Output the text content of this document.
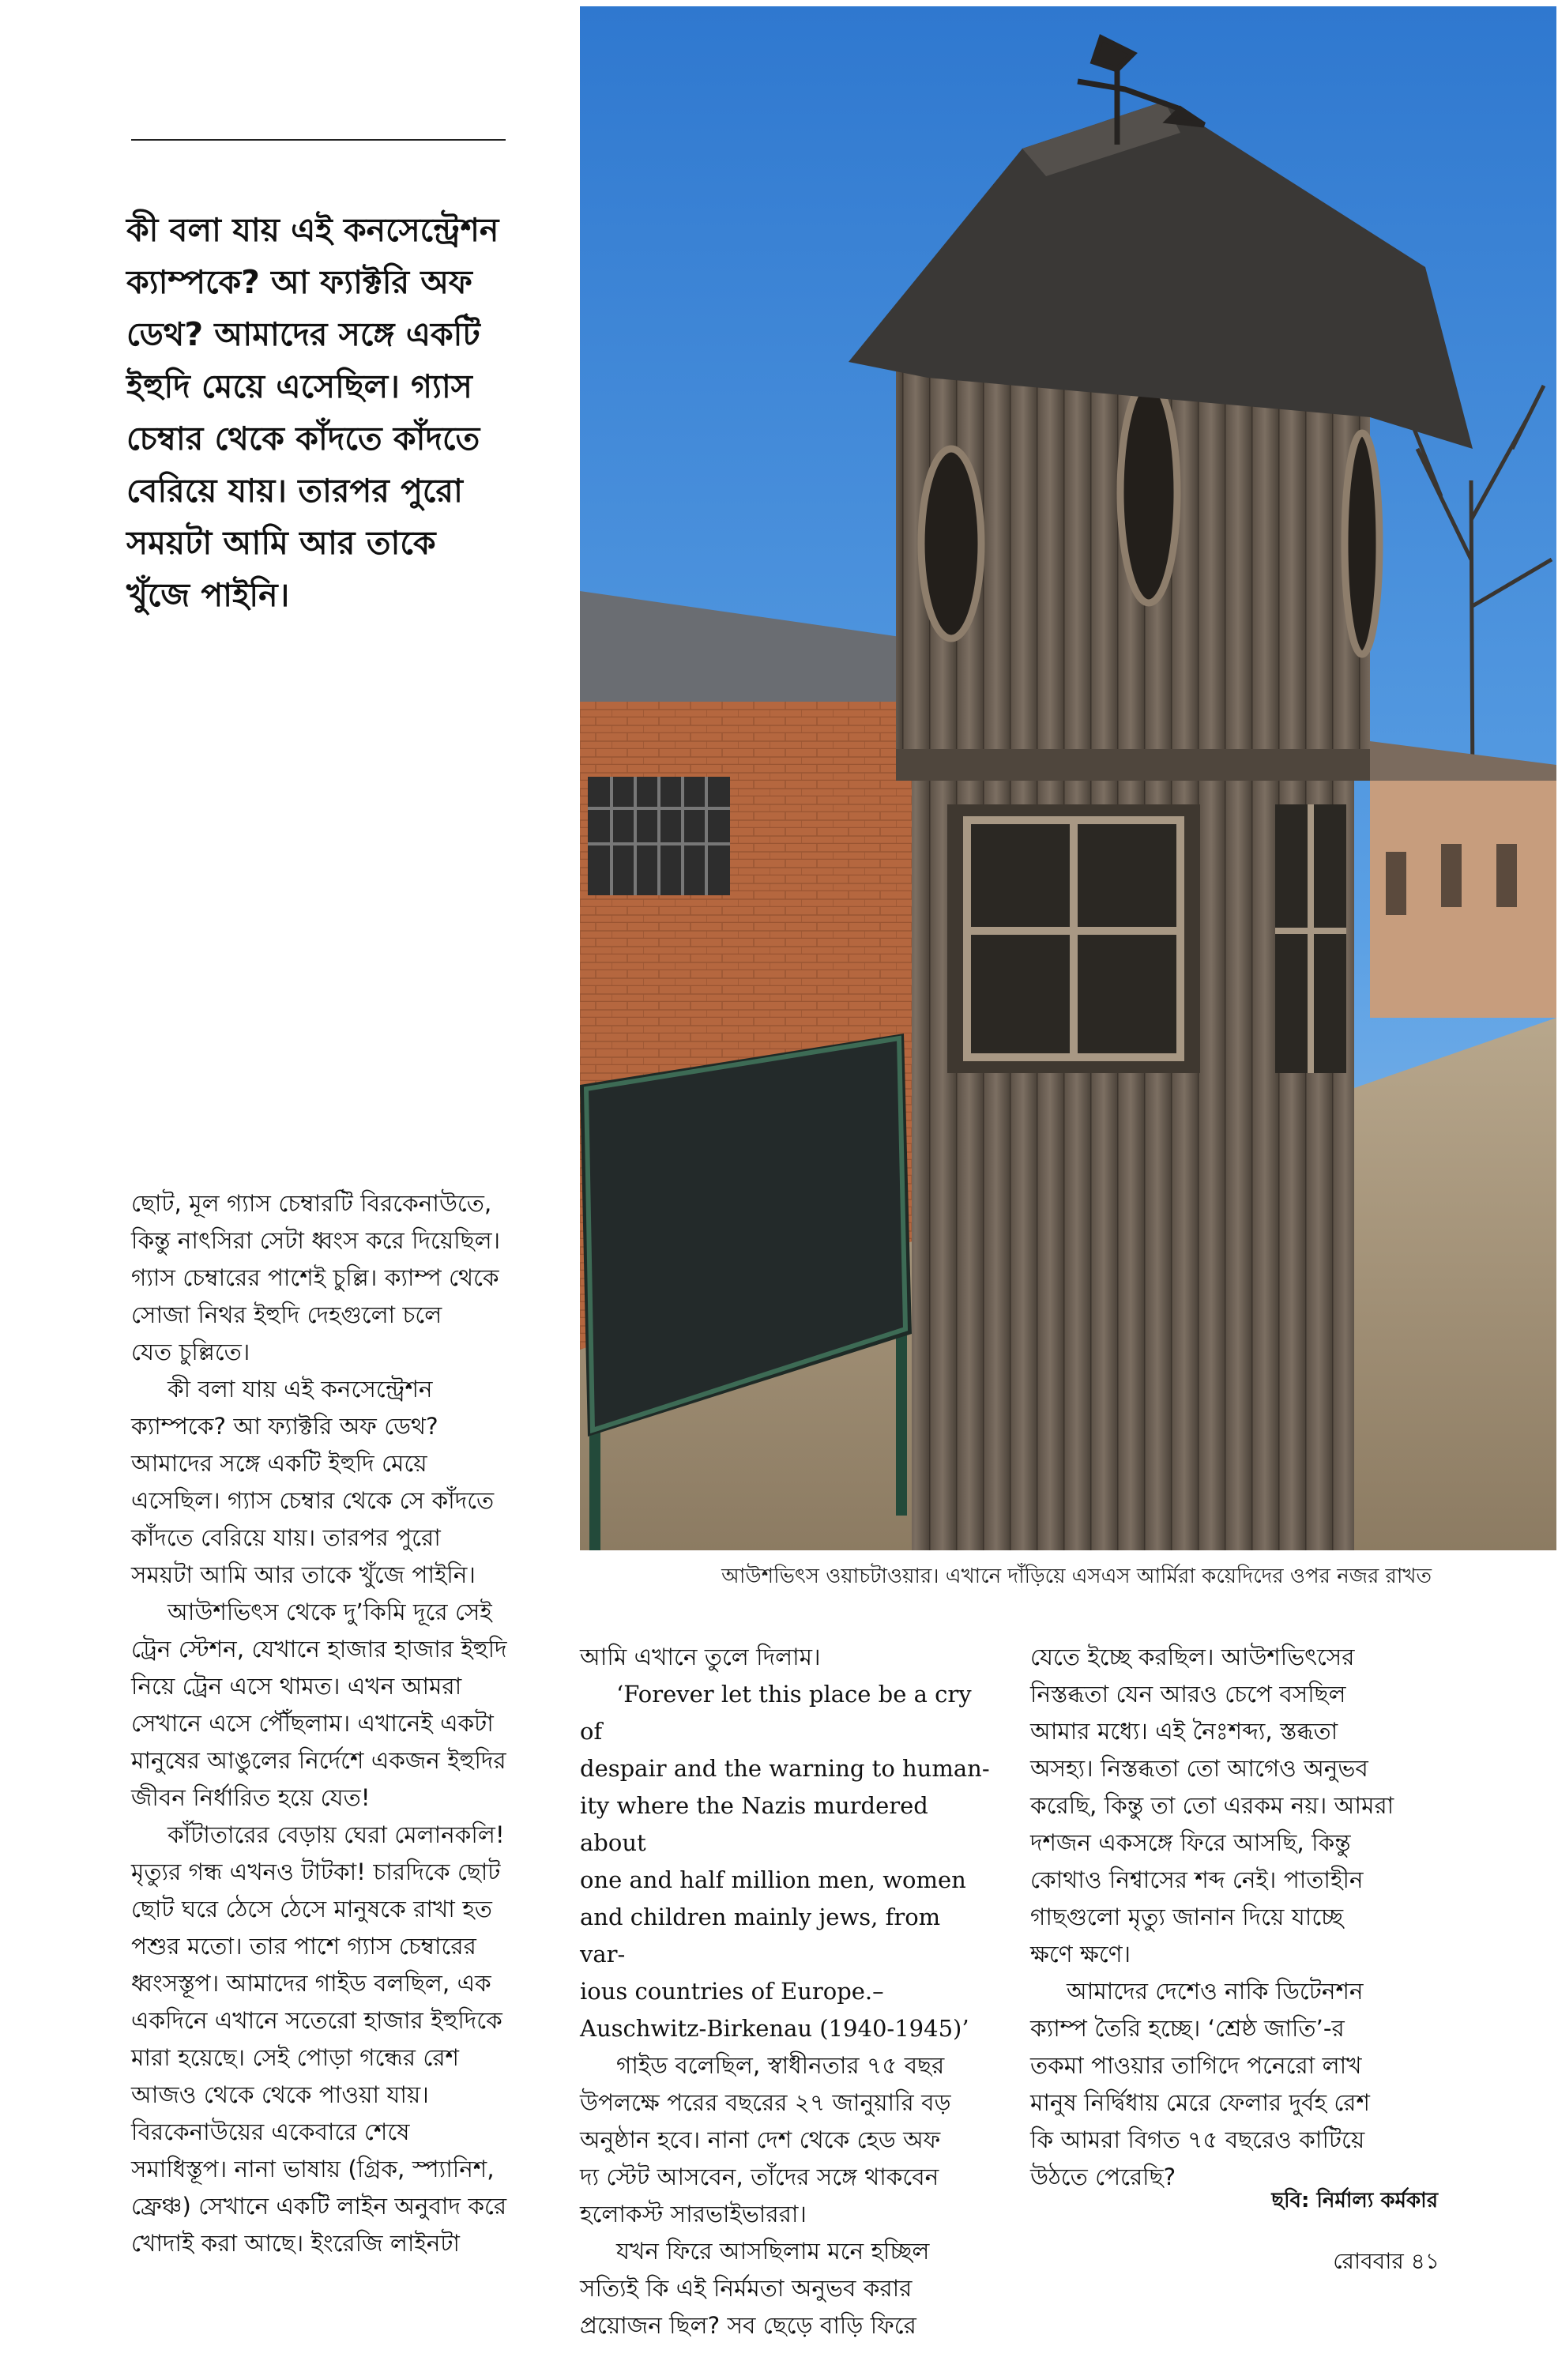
কী বলা যায় এই কনসেন্ট্রেশন
ক্যাম্পকে? আ ফ্যাক্টরি অফ
ডেথ? আমাদের সঙ্গে একটি
ইহুদি মেয়ে এসেছিল। গ্যাস
চেম্বার থেকে কাঁদতে কাঁদতে
বেরিয়ে যায়। তারপর পুরো
সময়টা আমি আর তাকে
খুঁজে পাইনি।
আউশভিৎস ওয়াচটাওয়ার। এখানে দাঁড়িয়ে এসএস আর্মিরা কয়েদিদের ওপর নজর রাখত

ছোট, মূল গ্যাস চেম্বারটি বিরকেনাউতে,
কিন্তু নাৎসিরা সেটা ধ্বংস করে দিয়েছিল।
গ্যাস চেম্বারের পাশেই চুল্লি। ক্যাম্প থেকে
সোজা নিথর ইহুদি দেহগুলো চলে
যেত চুল্লিতে।

কী বলা যায় এই কনসেন্ট্রেশন
ক্যাম্পকে? আ ফ্যাক্টরি অফ ডেথ?
আমাদের সঙ্গে একটি ইহুদি মেয়ে
এসেছিল। গ্যাস চেম্বার থেকে সে কাঁদতে
কাঁদতে বেরিয়ে যায়। তারপর পুরো
সময়টা আমি আর তাকে খুঁজে পাইনি।

আউশভিৎস থেকে দু’কিমি দূরে সেই
ট্রেন স্টেশন, যেখানে হাজার হাজার ইহুদি
নিয়ে ট্রেন এসে থামত। এখন আমরা
সেখানে এসে পৌঁছলাম। এখানেই একটা
মানুষের আঙুলের নির্দেশে একজন ইহুদির
জীবন নির্ধারিত হয়ে যেত!

কাঁটাতারের বেড়ায় ঘেরা মেলানকলি!
মৃত্যুর গন্ধ এখনও টাটকা! চারদিকে ছোট
ছোট ঘরে ঠেসে ঠেসে মানুষকে রাখা হত
পশুর মতো। তার পাশে গ্যাস চেম্বারের
ধ্বংসস্তূপ। আমাদের গাইড বলছিল, এক
একদিনে এখানে সতেরো হাজার ইহুদিকে
মারা হয়েছে। সেই পোড়া গন্ধের রেশ
আজও থেকে থেকে পাওয়া যায়।
বিরকেনাউয়ের একেবারে শেষে
সমাধিস্তূপ। নানা ভাষায় (গ্রিক, স্প্যানিশ,
ফ্রেঞ্চ) সেখানে একটি লাইন অনুবাদ করে
খোদাই করা আছে। ইংরেজি লাইনটা

আমি এখানে তুলে দিলাম।

‘Forever let this place be a cry of
despair and the warning to human-
ity where the Nazis murdered about
one and half million men, women
and children mainly jews, from var-
ious countries of Europe.–
Auschwitz-Birkenau (1940-1945)’

গাইড বলেছিল, স্বাধীনতার ৭৫ বছর
উপলক্ষে পরের বছরের ২৭ জানুয়ারি বড়
অনুষ্ঠান হবে। নানা দেশ থেকে হেড অফ
দ্য স্টেট আসবেন, তাঁদের সঙ্গে থাকবেন
হলোকস্ট সারভাইভাররা।

যখন ফিরে আসছিলাম মনে হচ্ছিল
সত্যিই কি এই নির্মমতা অনুভব করার
প্রয়োজন ছিল? সব ছেড়ে বাড়ি ফিরে

যেতে ইচ্ছে করছিল। আউশভিৎসের
নিস্তব্ধতা যেন আরও চেপে বসছিল
আমার মধ্যে। এই নৈঃশব্দ্য, স্তব্ধতা
অসহ্য। নিস্তব্ধতা তো আগেও অনুভব
করেছি, কিন্তু তা তো এরকম নয়। আমরা
দশজন একসঙ্গে ফিরে আসছি, কিন্তু
কোথাও নিশ্বাসের শব্দ নেই। পাতাহীন
গাছগুলো মৃত্যু জানান দিয়ে যাচ্ছে
ক্ষণে ক্ষণে।

আমাদের দেশেও নাকি ডিটেনশন
ক্যাম্প তৈরি হচ্ছে। ‘শ্রেষ্ঠ জাতি’-র
তকমা পাওয়ার তাগিদে পনেরো লাখ
মানুষ নির্দ্বিধায় মেরে ফেলার দুর্বহ রেশ
কি আমরা বিগত ৭৫ বছরেও কাটিয়ে
উঠতে পেরেছি?

ছবি: নির্মাল্য কর্মকার
রোববার ৪১
